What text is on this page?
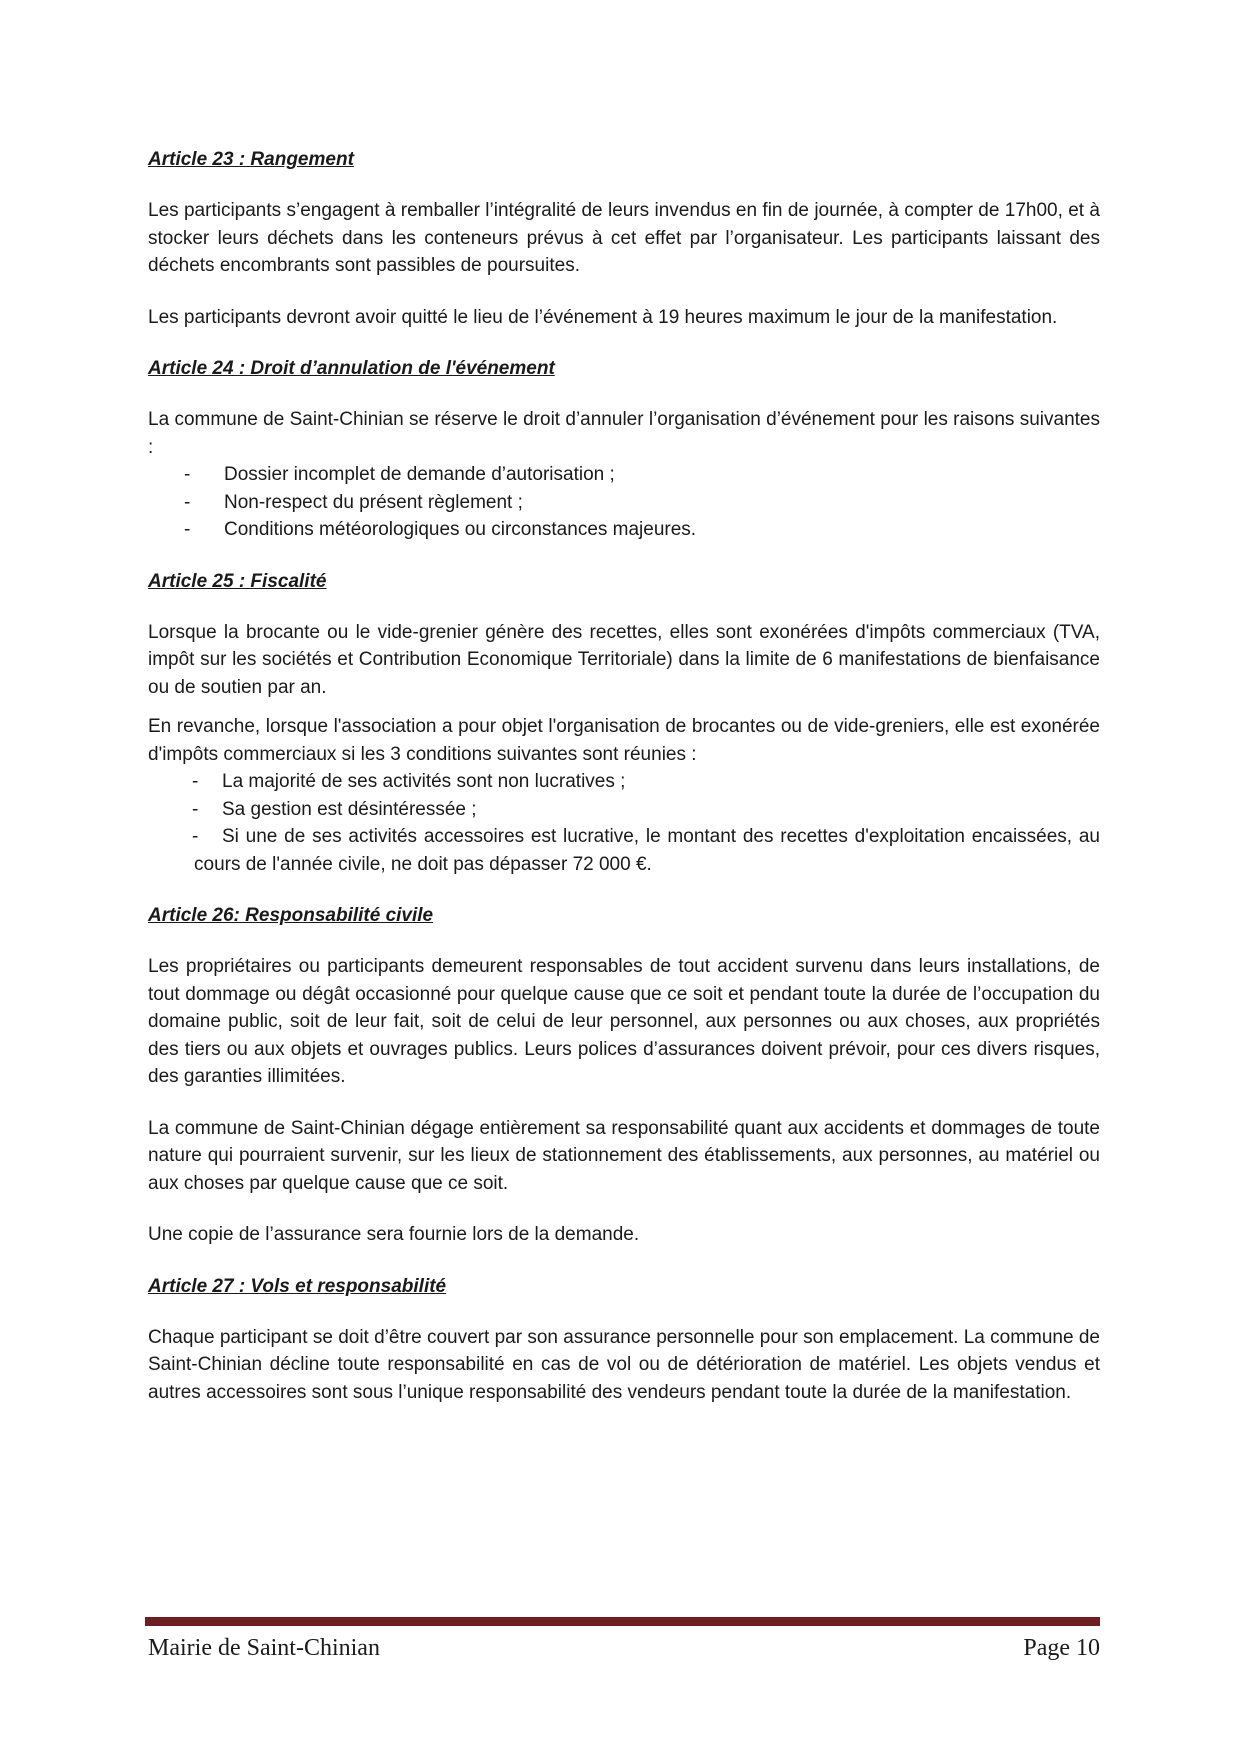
Article 23 : Rangement

Les participants s’engagent à remballer l’intégralité de leurs invendus en fin de journée, à compter de 17h00, et à stocker leurs déchets dans les conteneurs prévus à cet effet par l’organisateur. Les participants laissant des déchets encombrants sont passibles de poursuites.

Les participants devront avoir quitté le lieu de l’événement à 19 heures maximum le jour de la manifestation.

Article 24 : Droit d’annulation de l'événement

La commune de Saint-Chinian se réserve le droit d’annuler l’organisation d’événement pour les raisons suivantes :

- Dossier incomplet de demande d’autorisation ;
- Non-respect du présent règlement ;
- Conditions météorologiques ou circonstances majeures.
Article 25 : Fiscalité

Lorsque la brocante ou le vide-grenier génère des recettes, elles sont exonérées d'impôts commerciaux (TVA, impôt sur les sociétés et Contribution Economique Territoriale) dans la limite de 6 manifestations de bienfaisance ou de soutien par an.

En revanche, lorsque l'association a pour objet l'organisation de brocantes ou de vide-greniers, elle est exonérée d'impôts commerciaux si les 3 conditions suivantes sont réunies :

- La majorité de ses activités sont non lucratives ;
- Sa gestion est désintéressée ;
- Si une de ses activités accessoires est lucrative, le montant des recettes d'exploitation encaissées, au cours de l'année civile, ne doit pas dépasser 72 000 €.
Article 26: Responsabilité civile

Les propriétaires ou participants demeurent responsables de tout accident survenu dans leurs installations, de tout dommage ou dégât occasionné pour quelque cause que ce soit et pendant toute la durée de l’occupation du domaine public, soit de leur fait, soit de celui de leur personnel, aux personnes ou aux choses, aux propriétés des tiers ou aux objets et ouvrages publics. Leurs polices d’assurances doivent prévoir, pour ces divers risques, des garanties illimitées.

La commune de Saint-Chinian dégage entièrement sa responsabilité quant aux accidents et dommages de toute nature qui pourraient survenir, sur les lieux de stationnement des établissements, aux personnes, au matériel ou aux choses par quelque cause que ce soit.

Une copie de l’assurance sera fournie lors de la demande.

Article 27 : Vols et responsabilité

Chaque participant se doit d’être couvert par son assurance personnelle pour son emplacement. La commune de Saint-Chinian décline toute responsabilité en cas de vol ou de détérioration de matériel. Les objets vendus et autres accessoires sont sous l’unique responsabilité des vendeurs pendant toute la durée de la manifestation.

Mairie de Saint-Chinian	Page 10
